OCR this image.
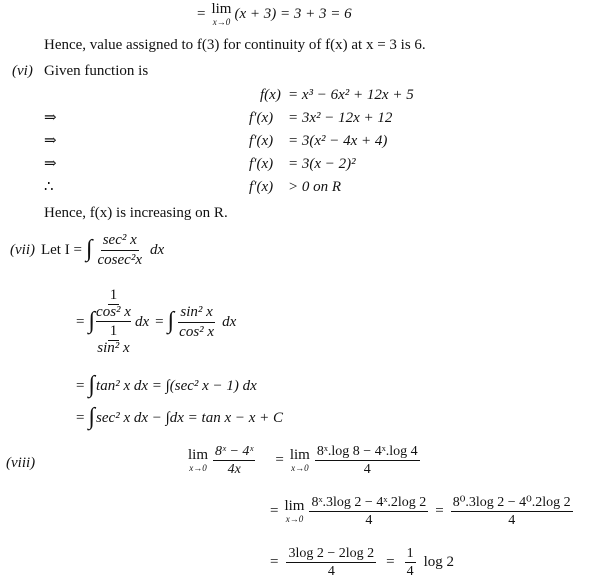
= lim
x→0 (x + 3) = 3 + 3 = 6
Hence, value assigned to f(3) for continuity of f(x) at x = 3 is 6.
(vi) Given function is
f(x) = x³ − 6x² + 12x + 5
⇒	f′(x) = 3x² − 12x + 12
⇒	f′(x) = 3(x² − 4x + 4)
⇒	f′(x) = 3(x − 2)²
∴	f′(x) > 0 on R
Hence, f(x) is increasing on R.
(vii) Let I = ∫ $\frac{\text{sec² x}}{\text{cosec²x}}$ dx
= ∫ 1
cos² x
1
sin² x dx = ∫ $\frac{\text{sin² x}}{\text{cos² x}}$ dx
= ∫ tan² x dx = ∫(sec² x − 1) dx
= ∫ sec² x dx − ∫dx = tan x − x + C
(viii)	lim
$x\to 0 \frac{\text{8ˣ − 4ˣ}}{4x} = \lim$
$x\to 0 \frac{\text{8ˣ.log 8 − 4ˣ.log 4}}{4}$
= lim
$x\to 0 \frac{\text{8ˣ.3log 2 − 4ˣ.2log 2}}{4} = \frac{\text{8⁰.3log 2 − 4⁰.2log 2}}{4}$
= $\frac{3\log 2 - 2\log 2}{4} = \frac{1}{4}$ log 2
